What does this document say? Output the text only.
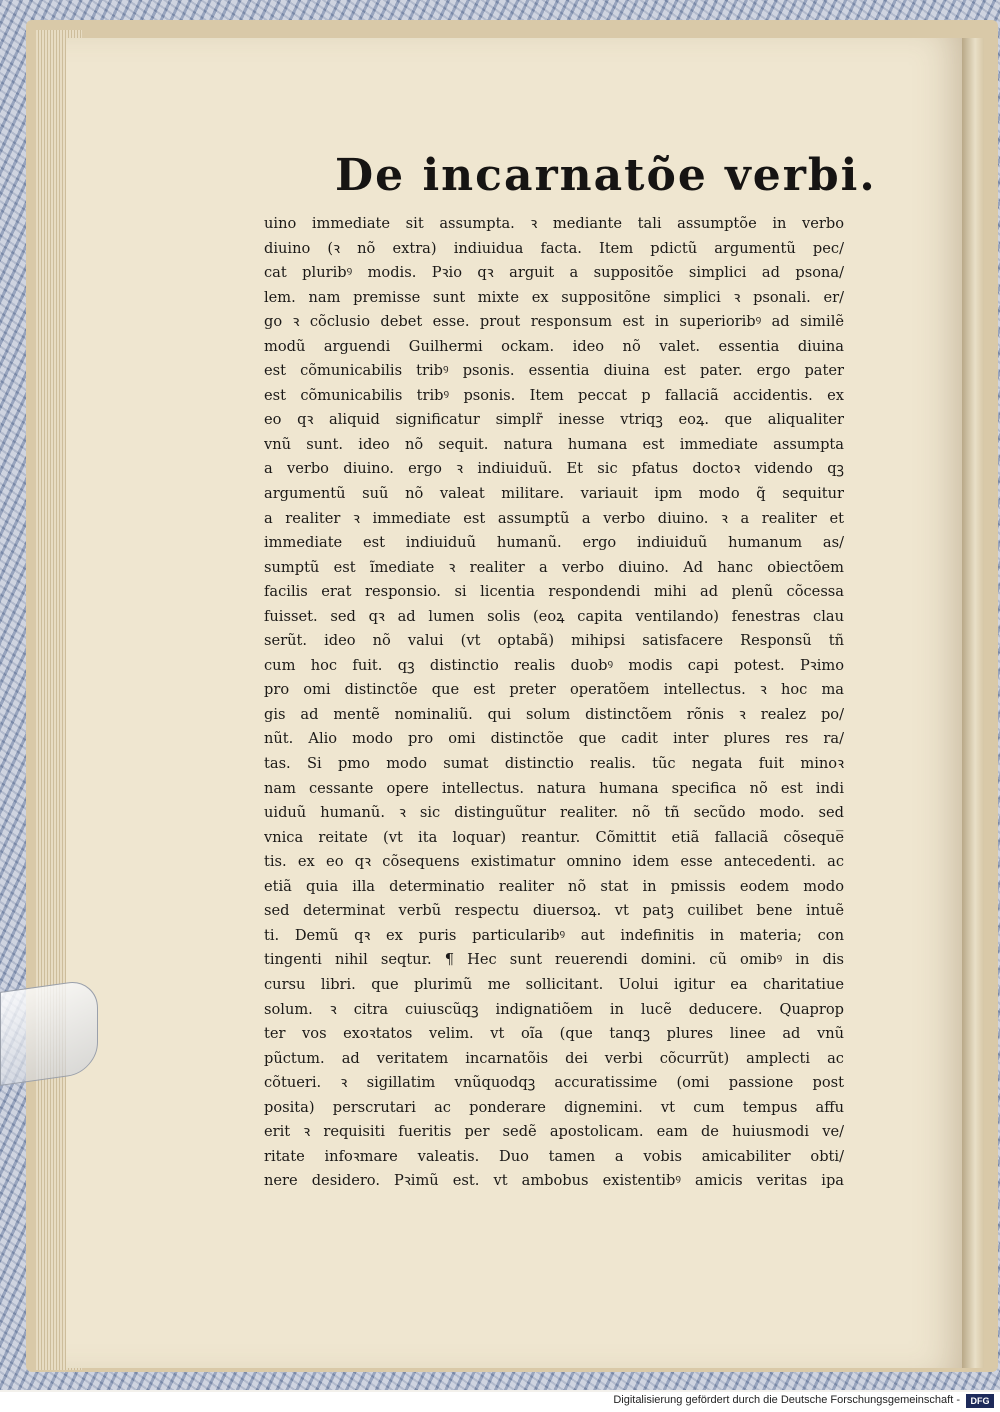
De incarnatõe verbi.
uino immediate sit assumpta. ꝛ mediante tali assumptõe in verbo
diuino (ꝛ nõ extra) indiuidua facta. Item pdictũ argumentũ pec/
cat pluribꝰ modis. Pꝛio qꝛ arguit a suppositõe simplici ad psona/
lem. nam premisse sunt mixte ex suppositõne simplici ꝛ psonali. er/
go ꝛ cõclusio debet esse. prout responsum est in superioribꝰ ad similẽ
modũ arguendi Guilhermi ockam. ideo nõ valet. essentia diuina
est cõmunicabilis tribꝰ psonis. essentia diuina est pater. ergo pater
est cõmunicabilis tribꝰ psonis. Item peccat p fallaciã accidentis. ex
eo qꝛ aliquid significatur simplr̃ inesse vtriqꝫ eoꝝ. que aliqualiter
vnũ sunt. ideo nõ sequit. natura humana est immediate assumpta
a verbo diuino. ergo ꝛ indiuiduũ. Et sic pfatus doctoꝛ videndo qꝫ
argumentũ suũ nõ valeat militare. variauit ipm modo q̃ sequitur
a realiter ꝛ immediate est assumptũ a verbo diuino. ꝛ a realiter et
immediate est indiuiduũ humanũ. ergo indiuiduũ humanum as/
sumptũ est ĩmediate ꝛ realiter a verbo diuino. Ad hanc obiectõem
facilis erat responsio. si licentia respondendi mihi ad plenũ cõcessa
fuisset. sed qꝛ ad lumen solis (eoꝝ capita ventilando) fenestras clau
serũt. ideo nõ valui (vt optabã) mihipsi satisfacere Responsũ tñ
cum hoc fuit. qꝫ distinctio realis duobꝰ modis capi potest. Pꝛimo
pro omi distinctõe que est preter operatõem intellectus. ꝛ hoc ma
gis ad mentẽ nominaliũ. qui solum distinctõem rõnis ꝛ realez po/
nũt. Alio modo pro omi distinctõe que cadit inter plures res ra/
tas. Si pmo modo sumat distinctio realis. tũc negata fuit minoꝛ
nam cessante opere intellectus. natura humana specifica nõ est indi
uiduũ humanũ. ꝛ sic distinguũtur realiter. nõ tñ secũdo modo. sed
vnica reitate (vt ita loquar) reantur. Cõmittit etiã fallaciã cõseque̅
tis. ex eo qꝛ cõsequens existimatur omnino idem esse antecedenti. ac
etiã quia illa determinatio realiter nõ stat in pmissis eodem modo
sed determinat verbũ respectu diuersoꝝ. vt patꝫ cuilibet bene intuẽ
ti. Demũ qꝛ ex puris particularibꝰ aut indefinitis in materia; con
tingenti nihil seqtur. ¶ Hec sunt reuerendi domini. cũ omibꝰ in dis
cursu libri. que plurimũ me sollicitant. Uolui igitur ea charitatiue
solum. ꝛ citra cuiuscũqꝫ indignatiõem in lucẽ deducere. Quaprop
ter vos exoꝛtatos velim. vt oĩa (que tanqꝫ plures linee ad vnũ
pũctum. ad veritatem incarnatõis dei verbi cõcurrũt) amplecti ac
cõtueri. ꝛ sigillatim vnũquodqꝫ accuratissime (omi passione post
posita) perscrutari ac ponderare dignemini. vt cum tempus affu
erit ꝛ requisiti fueritis per sedẽ apostolicam. eam de huiusmodi ve/
ritate infoꝛmare valeatis. Duo tamen a vobis amicabiliter obti/
nere desidero. Pꝛimũ est. vt ambobus existentibꝰ amicis veritas ipa
Digitalisierung gefördert durch die Deutsche Forschungsgemeinschaft -	DFG
